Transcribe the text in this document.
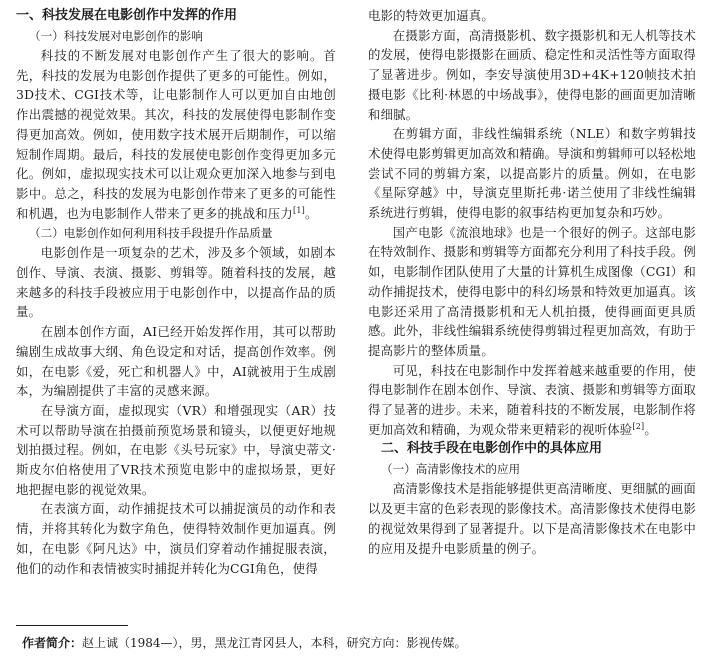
一、科技发展在电影创作中发挥的作用
（一）科技发展对电影创作的影响

科技的不断发展对电影创作产生了很大的影响。首先，科技的发展为电影创作提供了更多的可能性。例如，3D技术、CGI技术等，让电影制作人可以更加自由地创作出震撼的视觉效果。其次，科技的发展使得电影制作变得更加高效。例如，使用数字技术展开后期制作，可以缩短制作周期。最后，科技的发展使电影创作变得更加多元化。例如，虚拟现实技术可以让观众更加深入地参与到电影中。总之，科技的发展为电影创作带来了更多的可能性和机遇，也为电影制作人带来了更多的挑战和压力[1]。

（二）电影创作如何利用科技手段提升作品质量

电影创作是一项复杂的艺术，涉及多个领域，如剧本创作、导演、表演、摄影、剪辑等。随着科技的发展，越来越多的科技手段被应用于电影创作中，以提高作品的质量。

在剧本创作方面，AI已经开始发挥作用，其可以帮助编剧生成故事大纲、角色设定和对话，提高创作效率。例如，在电影《爱，死亡和机器人》中，AI就被用于生成剧本，为编剧提供了丰富的灵感来源。

在导演方面，虚拟现实（VR）和增强现实（AR）技术可以帮助导演在拍摄前预览场景和镜头，以便更好地规划拍摄过程。例如，在电影《头号玩家》中，导演史蒂文·斯皮尔伯格使用了VR技术预览电影中的虚拟场景，更好地把握电影的视觉效果。

在表演方面，动作捕捉技术可以捕捉演员的动作和表情，并将其转化为数字角色，使得特效制作更加逼真。例如，在电影《阿凡达》中，演员们穿着动作捕捉服表演，他们的动作和表情被实时捕捉并转化为CGI角色，使得

电影的特效更加逼真。

在摄影方面，高清摄影机、数字摄影机和无人机等技术的发展，使得电影摄影在画质、稳定性和灵活性等方面取得了显著进步。例如，李安导演使用3D+4K+120帧技术拍摄电影《比利·林恩的中场战事》，使得电影的画面更加清晰和细腻。

在剪辑方面，非线性编辑系统（NLE）和数字剪辑技术使得电影剪辑更加高效和精确。导演和剪辑师可以轻松地尝试不同的剪辑方案，以提高影片的质量。例如，在电影《星际穿越》中，导演克里斯托弗·诺兰使用了非线性编辑系统进行剪辑，使得电影的叙事结构更加复杂和巧妙。

国产电影《流浪地球》也是一个很好的例子。这部电影在特效制作、摄影和剪辑等方面都充分利用了科技手段。例如，电影制作团队使用了大量的计算机生成图像（CGI）和动作捕捉技术，使得电影中的科幻场景和特效更加逼真。该电影还采用了高清摄影机和无人机拍摄，使得画面更具质感。此外，非线性编辑系统使得剪辑过程更加高效，有助于提高影片的整体质量。

可见，科技在电影制作中发挥着越来越重要的作用，使得电影制作在剧本创作、导演、表演、摄影和剪辑等方面取得了显著的进步。未来，随着科技的不断发展，电影制作将更加高效和精确，为观众带来更精彩的视听体验[2]。

二、科技手段在电影创作中的具体应用
（一）高清影像技术的应用

高清影像技术是指能够提供更高清晰度、更细腻的画面以及更丰富的色彩表现的影像技术。高清影像技术使得电影的视觉效果得到了显著提升。以下是高清影像技术在电影中的应用及提升电影质量的例子。

作者简介：赵上诚（1984—），男，黑龙江青冈县人，本科，研究方向：影视传媒。
